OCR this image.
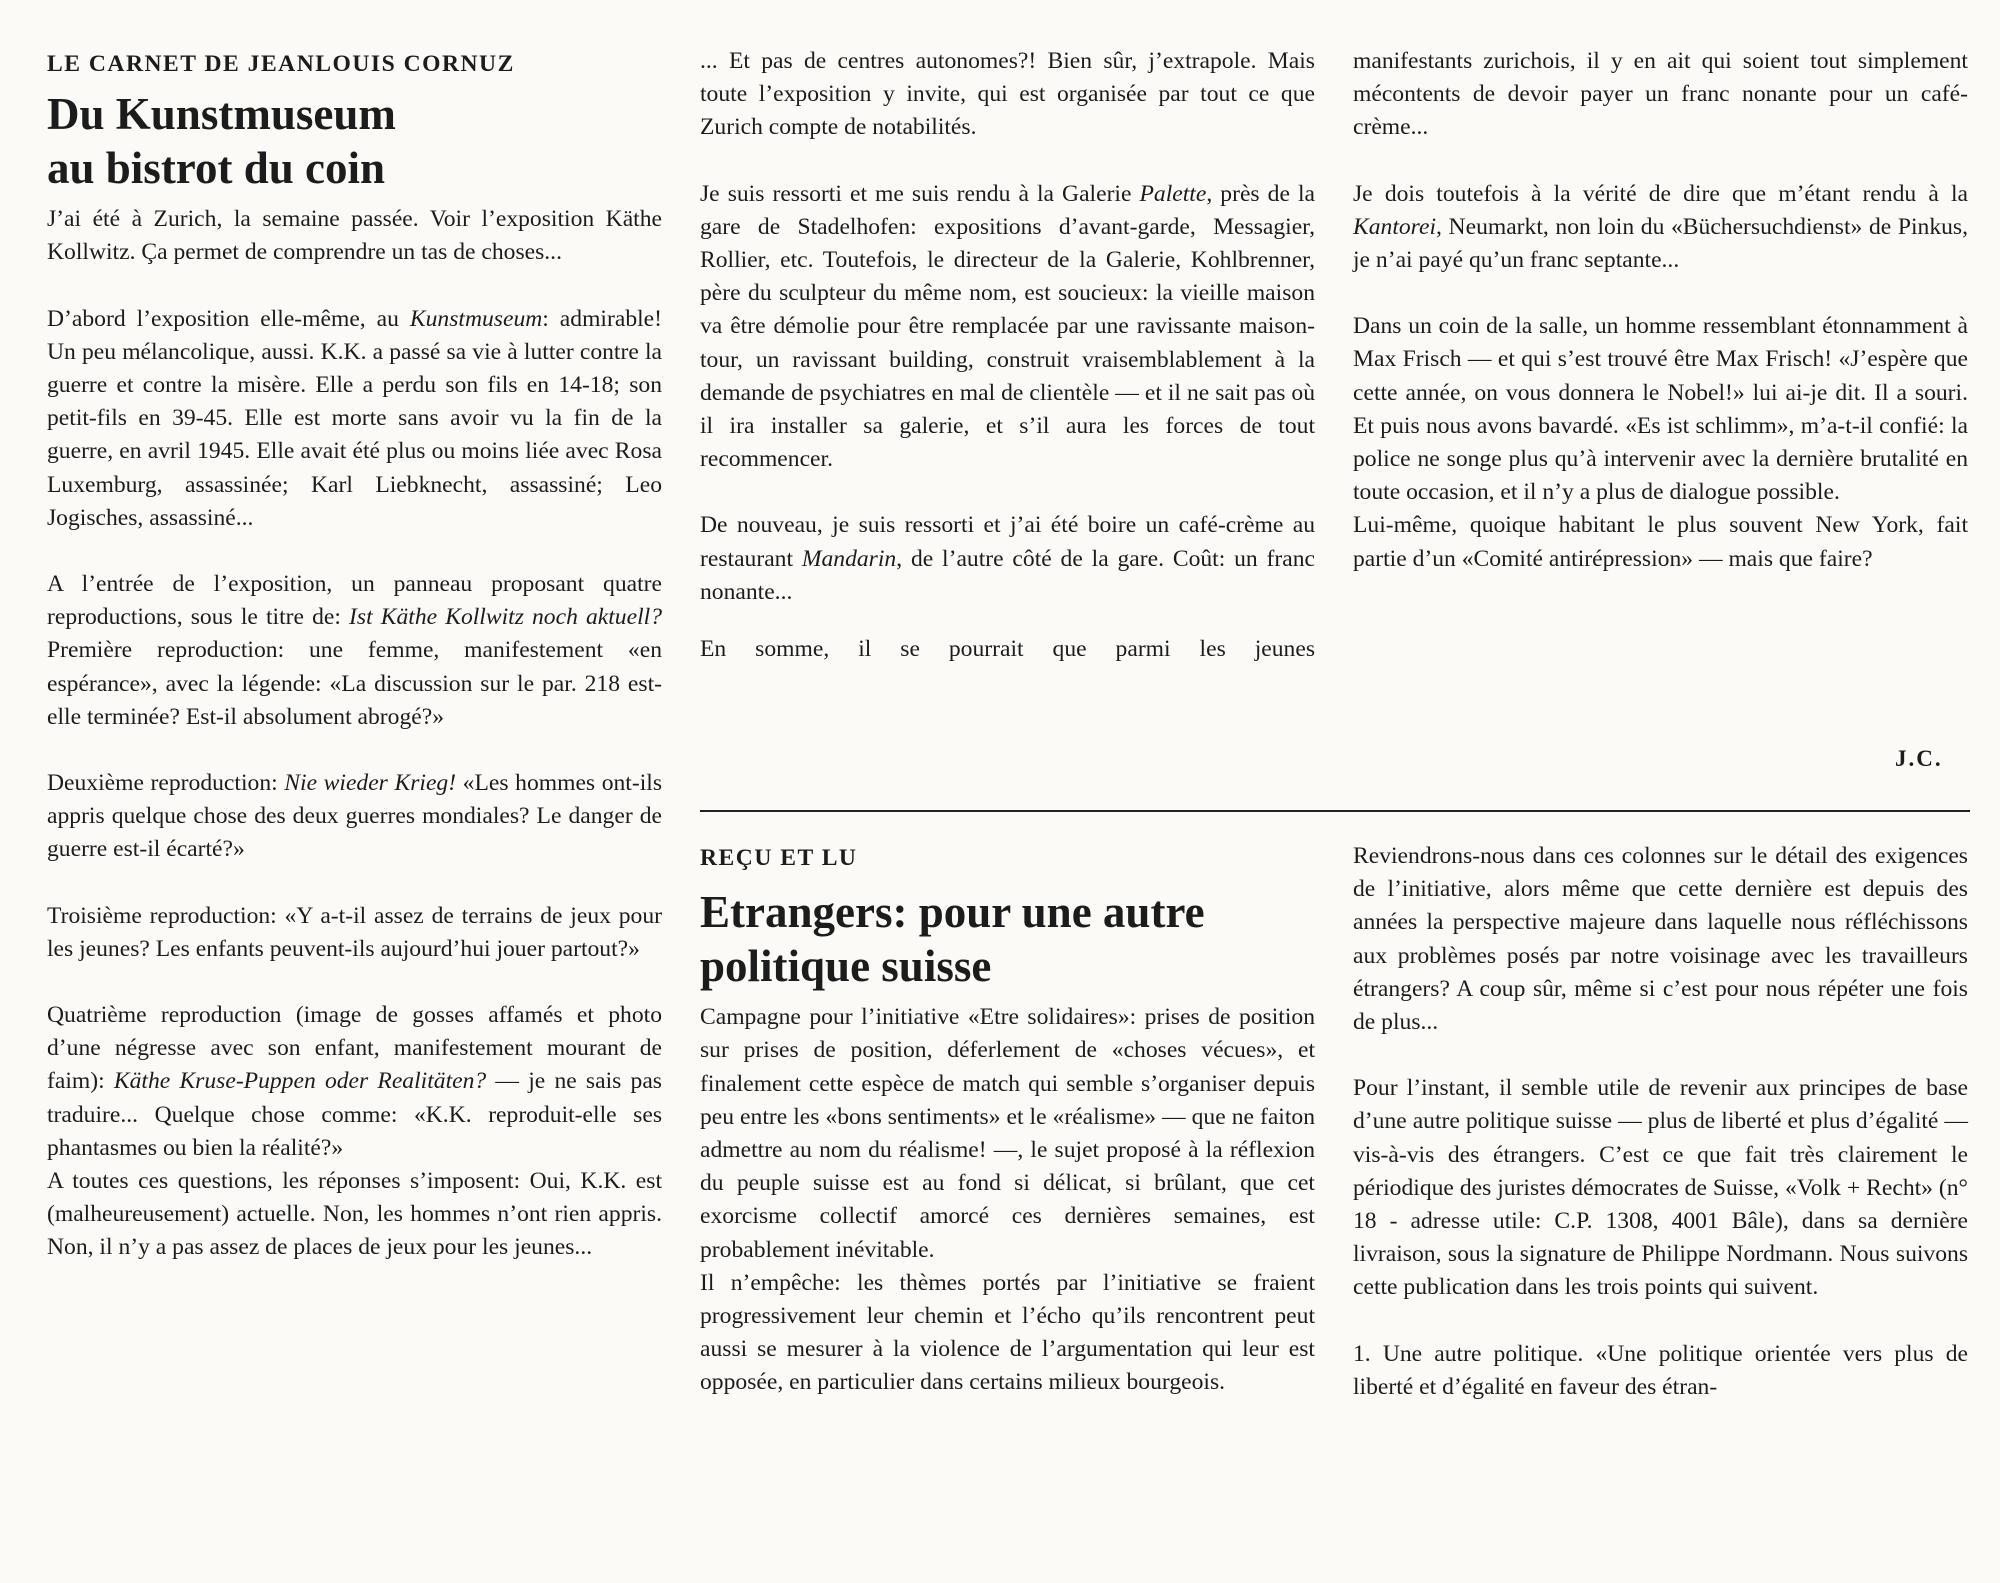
LE CARNET DE JEANLOUIS CORNUZ

Du Kunstmuseum
au bistrot du coin

J’ai été à Zurich, la semaine passée. Voir l’exposition Käthe Kollwitz. Ça permet de comprendre un tas de choses...

D’abord l’exposition elle-même, au Kunstmuseum: admirable! Un peu mélancolique, aussi. K.K. a passé sa vie à lutter contre la guerre et contre la misère. Elle a perdu son fils en 14-18; son petit-fils en 39-45. Elle est morte sans avoir vu la fin de la guerre, en avril 1945. Elle avait été plus ou moins liée avec Rosa Luxemburg, assassinée; Karl Liebknecht, assassiné; Leo Jogisches, assassiné...

A l’entrée de l’exposition, un panneau proposant quatre reproductions, sous le titre de: Ist Käthe Kollwitz noch aktuell? Première reproduction: une femme, manifestement «en espérance», avec la légende: «La discussion sur le par. 218 est-elle terminée? Est-il absolument abrogé?»

Deuxième reproduction: Nie wieder Krieg! «Les hommes ont-ils appris quelque chose des deux guerres mondiales? Le danger de guerre est-il écarté?»

Troisième reproduction: «Y a-t-il assez de terrains de jeux pour les jeunes? Les enfants peuvent-ils aujourd’hui jouer partout?»

Quatrième reproduction (image de gosses affamés et photo d’une négresse avec son enfant, manifestement mourant de faim): Käthe Kruse-Puppen oder Realitäten? — je ne sais pas traduire... Quelque chose comme: «K.K. reproduit-elle ses phantasmes ou bien la réalité?»

A toutes ces questions, les réponses s’imposent: Oui, K.K. est (malheureusement) actuelle. Non, les hommes n’ont rien appris. Non, il n’y a pas assez de places de jeux pour les jeunes...

... Et pas de centres autonomes?! Bien sûr, j’extrapole. Mais toute l’exposition y invite, qui est organisée par tout ce que Zurich compte de notabilités.

Je suis ressorti et me suis rendu à la Galerie Palette, près de la gare de Stadelhofen: expositions d’avant-garde, Messagier, Rollier, etc. Toutefois, le directeur de la Galerie, Kohlbrenner, père du sculpteur du même nom, est soucieux: la vieille maison va être démolie pour être remplacée par une ravissante maison-tour, un ravissant building, construit vraisemblablement à la demande de psychiatres en mal de clientèle — et il ne sait pas où il ira installer sa galerie, et s’il aura les forces de tout recommencer.

De nouveau, je suis ressorti et j’ai été boire un café-crème au restaurant Mandarin, de l’autre côté de la gare. Coût: un franc nonante...

En somme, il se pourrait que parmi les jeunes

manifestants zurichois, il y en ait qui soient tout simplement mécontents de devoir payer un franc nonante pour un café-crème...

Je dois toutefois à la vérité de dire que m’étant rendu à la Kantorei, Neumarkt, non loin du «Büchersuchdienst» de Pinkus, je n’ai payé qu’un franc septante...

Dans un coin de la salle, un homme ressemblant étonnamment à Max Frisch — et qui s’est trouvé être Max Frisch! «J’espère que cette année, on vous donnera le Nobel!» lui ai-je dit. Il a souri. Et puis nous avons bavardé. «Es ist schlimm», m’a-t-il confié: la police ne songe plus qu’à intervenir avec la dernière brutalité en toute occasion, et il n’y a plus de dialogue possible.

Lui-même, quoique habitant le plus souvent New York, fait partie d’un «Comité antirépression» — mais que faire?

J.C.

REÇU ET LU

Etrangers: pour une autre
politique suisse

Campagne pour l’initiative «Etre solidaires»: prises de position sur prises de position, déferlement de «choses vécues», et finalement cette espèce de match qui semble s’organiser depuis peu entre les «bons sentiments» et le «réalisme» — que ne faiton admettre au nom du réalisme! —, le sujet proposé à la réflexion du peuple suisse est au fond si délicat, si brûlant, que cet exorcisme collectif amorcé ces dernières semaines, est probablement inévitable.

Il n’empêche: les thèmes portés par l’initiative se fraient progressivement leur chemin et l’écho qu’ils rencontrent peut aussi se mesurer à la violence de l’argumentation qui leur est opposée, en particulier dans certains milieux bourgeois.

Reviendrons-nous dans ces colonnes sur le détail des exigences de l’initiative, alors même que cette dernière est depuis des années la perspective majeure dans laquelle nous réfléchissons aux problèmes posés par notre voisinage avec les travailleurs étrangers? A coup sûr, même si c’est pour nous répéter une fois de plus...

Pour l’instant, il semble utile de revenir aux principes de base d’une autre politique suisse — plus de liberté et plus d’égalité — vis-à-vis des étrangers. C’est ce que fait très clairement le périodique des juristes démocrates de Suisse, «Volk + Recht» (n° 18 - adresse utile: C.P. 1308, 4001 Bâle), dans sa dernière livraison, sous la signature de Philippe Nordmann. Nous suivons cette publication dans les trois points qui suivent.

1. Une autre politique. «Une politique orientée vers plus de liberté et d’égalité en faveur des étran-
